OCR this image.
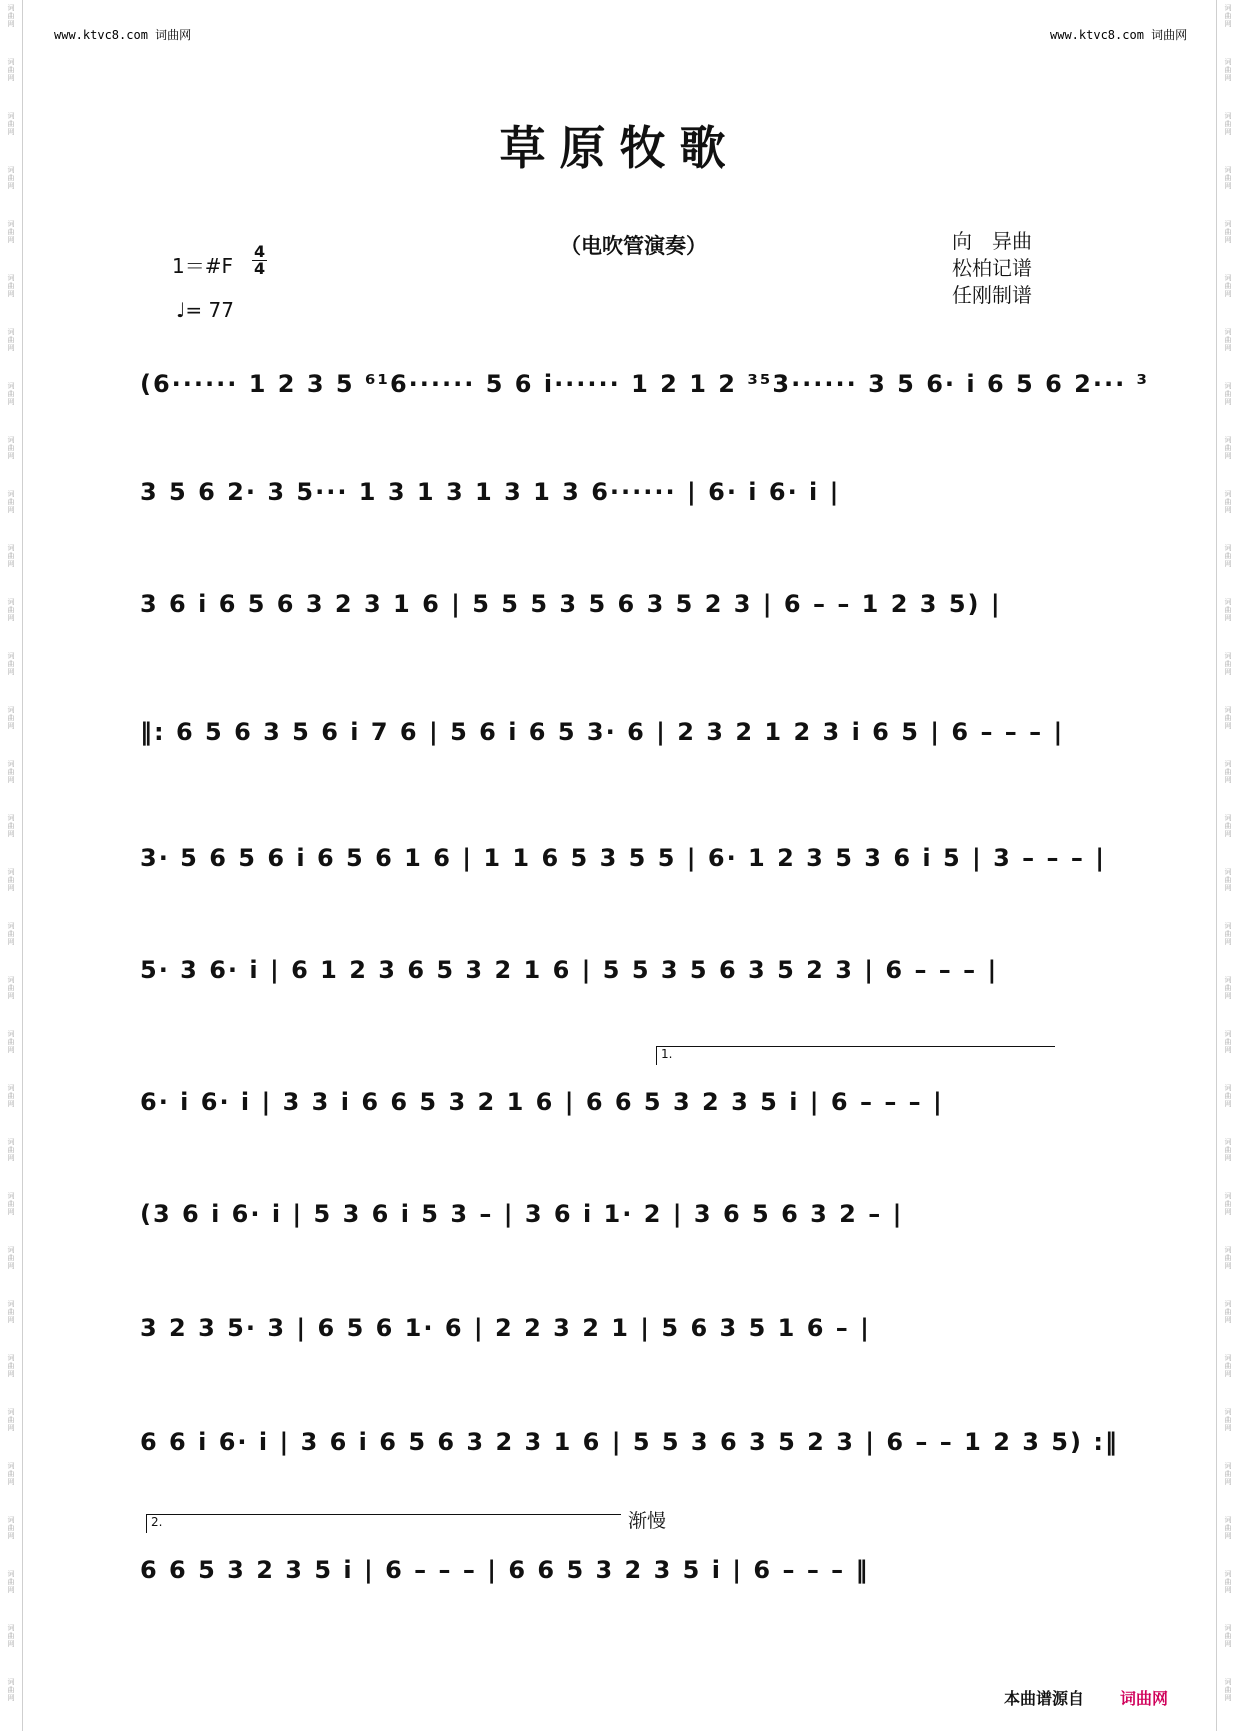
词
曲
网
词
曲
网
词
曲
网
词
曲
网
词
曲
网
词
曲
网
词
曲
网
词
曲
网
词
曲
网
词
曲
网
词
曲
网
词
曲
网
词
曲
网
词
曲
网
词
曲
网
词
曲
网
词
曲
网
词
曲
网
词
曲
网
词
曲
网
词
曲
网
词
曲
网
词
曲
网
词
曲
网
词
曲
网
词
曲
网
词
曲
网
词
曲
网
词
曲
网
词
曲
网
词
曲
网
词
曲
网
词
曲
网
词
曲
网
词
曲
网
词
曲
网
词
曲
网
词
曲
网
词
曲
网
词
曲
网
词
曲
网
词
曲
网
词
曲
网
词
曲
网
词
曲
网
词
曲
网
词
曲
网
词
曲
网
词
曲
网
词
曲
网
词
曲
网
词
曲
网
词
曲
网
词
曲
网
词
曲
网
词
曲
网
词
曲
网
词
曲
网
词
曲
网
词
曲
网
词
曲
网
词
曲
网
词
曲
网
词
曲
网
www.ktvc8.com 词曲网	www.ktvc8.com 词曲网
草原牧歌
（电吹管演奏）
1＝#F
4
4
♩= 77
向　异曲
松柏记谱
任刚制谱
(6······ 1 2 3 5 ⁶¹6······ 5 6 i······ 1 2 1 2 ³⁵3······ 3 5 6· i 6 5 6 2··· ³
3 5 6 2· 3 5··· 1 3 1 3 1 3 1 3 6······ | 6· i 6· i |
3 6 i 6 5 6 3 2 3 1 6 | 5 5 5 3 5 6 3 5 2 3 | 6 – – 1 2 3 5) |
‖: 6 5 6 3 5 6 i 7 6 | 5 6 i 6 5 3· 6 | 2 3 2 1 2 3 i 6 5 | 6 – – – |
3· 5 6 5 6 i 6 5 6 1 6 | 1 1 6 5 3 5 5 | 6· 1 2 3 5 3 6 i 5 | 3 – – – |
5· 3 6· i | 6 1 2 3 6 5 3 2 1 6 | 5 5 3 5 6 3 5 2 3 | 6 – – – |
1.
6· i 6· i | 3 3 i 6 6 5 3 2 1 6 | 6 6 5 3 2 3 5 i | 6 – – – |
(3 6 i 6· i | 5 3 6 i 5 3 – | 3 6 i 1· 2 | 3 6 5 6 3 2 – |
3 2 3 5· 3 | 6 5 6 1· 6 | 2 2 3 2 1 | 5 6 3 5 1 6 – |
6 6 i 6· i | 3 6 i 6 5 6 3 2 3 1 6 | 5 5 3 6 3 5 2 3 | 6 – – 1 2 3 5) :‖
2.	渐慢
6 6 5 3 2 3 5 i | 6 – – – | 6 6 5 3 2 3 5 i | 6 – – – ‖
本曲谱源自 词曲网
